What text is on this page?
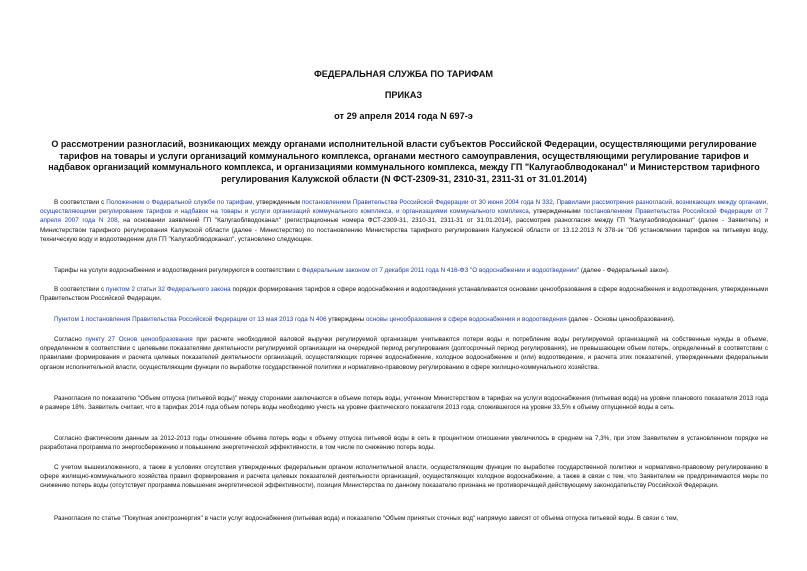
ФЕДЕРАЛЬНАЯ СЛУЖБА ПО ТАРИФАМ
ПРИКАЗ
от 29 апреля 2014 года N 697-э
О рассмотрении разногласий, возникающих между органами исполнительной власти субъектов Российской Федерации, осуществляющими регулирование тарифов на товары и услуги организаций коммунального комплекса, органами местного самоуправления, осуществляющими регулирование тарифов и надбавок организаций коммунального комплекса, и организациями коммунального комплекса, между ГП "Калугаоблводоканал" и Министерством тарифного регулирования Калужской области (N ФСТ-2309-31, 2310-31, 2311-31 от 31.01.2014)
В соответствии с Положением о Федеральной службе по тарифам, утвержденным постановлением Правительства Российской Федерации от 30 июня 2004 года N 332, Правилами рассмотрения разногласий, возникающих между органами, осуществляющими регулирование тарифов и надбавок на товары и услуги организаций коммунального комплекса, и организациями коммунального комплекса, утвержденными постановлением Правительства Российской Федерации от 7 апреля 2007 года N 208, на основании заявлений ГП "Калугаоблводоканал" (регистрационные номера ФСТ-2309-31, 2310-31, 2311-31 от 31.01.2014), рассмотрев разногласия между ГП "Калугаоблводоканал" (далее - Заявитель) и Министерством тарифного регулирования Калужской области (далее - Министерство) по постановлению Министерства тарифного регулирования Калужской области от 13.12.2013 N 378-эк "Об установлении тарифов на питьевую воду, техническую воду и водоотведение для ГП "Калугаоблводоканал", установлено следующее.
Тарифы на услуги водоснабжения и водоотведения регулируются в соответствии с Федеральным законом от 7 декабря 2011 года N 416-ФЗ "О водоснабжении и водоотведении" (далее - Федеральный закон).
В соответствии с пунктом 2 статьи 32 Федерального закона порядок формирования тарифов в сфере водоснабжения и водоотведения устанавливается основами ценообразования в сфере водоснабжения и водоотведения, утвержденными Правительством Российской Федерации.
Пунктом 1 постановления Правительства Российской Федерации от 13 мая 2013 года N 406 утверждены основы ценообразования в сфере водоснабжения и водоотведения (далее - Основы ценообразования).
Согласно пункту 27 Основ ценообразования при расчете необходимой валовой выручки регулируемой организации учитываются потери воды и потребление воды регулируемой организацией на собственные нужды в объеме, определенном в соответствии с целевыми показателями деятельности регулируемой организации на очередной период регулирования (долгосрочный период регулирования), не превышающем объем потерь, определенный в соответствии с правилами формирования и расчета целевых показателей деятельности организаций, осуществляющих горячее водоснабжение, холодное водоснабжение и (или) водоотведение, и расчета этих показателей, утвержденными федеральным органом исполнительной власти, осуществляющим функции по выработке государственной политики и нормативно-правовому регулированию в сфере жилищно-коммунального хозяйства.
Разногласия по показателю "Объем отпуска (питьевой воды)" между сторонами заключаются в объеме потерь воды, учтенном Министерством в тарифах на услуги водоснабжения (питьевая вода) на уровне планового показателя 2013 года в размере 18%. Заявитель считает, что в тарифах 2014 года объем потерь воды необходимо учесть на уровне фактического показателя 2013 года, сложившегося на уровне 33,5% к объему отпущенной воды в сеть.
Согласно фактическим данным за 2012-2013 годы отношение объема потерь воды к объему отпуска питьевой воды в сеть в процентном отношении увеличилось в среднем на 7,3%, при этом Заявителем в установленном порядке не разработана программа по энергосбережению и повышению энергетической эффективности, в том числе по снижению потерь воды.
С учетом вышеизложенного, а также в условиях отсутствия утвержденных федеральным органом исполнительной власти, осуществляющим функции по выработке государственной политики и нормативно-правовому регулированию в сфере жилищно-коммунального хозяйства правил формирования и расчета целевых показателей деятельности организаций, осуществляющих холодное водоснабжение, а также в связи с тем, что Заявителем не предпринимаются меры по снижению потерь воды (отсутствует программа повышения энергетической эффективности), позиция Министерства по данному показателю признана не противоречащей действующему законодательству Российской Федерации.
Разногласия по статье "Покупная электроэнергия" в части услуг водоснабжения (питьевая вода) и показателю "Объем принятых сточных вод" напрямую зависят от объема отпуска питьевой воды. В связи с тем,
